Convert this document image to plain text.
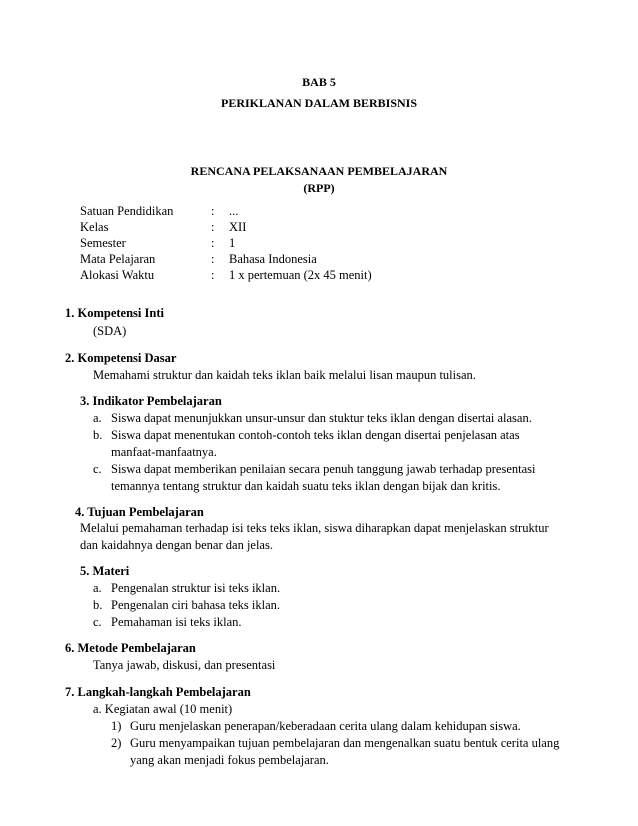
BAB 5
PERIKLANAN DALAM BERBISNIS
RENCANA PELAKSANAAN PEMBELAJARAN
(RPP)
Satuan Pendidikan	: ...
Kelas	: XII
Semester	: 1
Mata Pelajaran	: Bahasa Indonesia
Alokasi Waktu	: 1 x pertemuan (2x 45 menit)
1. Kompetensi Inti
(SDA)
2. Kompetensi Dasar
Memahami struktur dan kaidah teks iklan baik melalui lisan maupun tulisan.
3. Indikator Pembelajaran
a. Siswa dapat menunjukkan unsur-unsur dan stuktur teks iklan dengan disertai alasan.
b. Siswa dapat menentukan contoh-contoh teks iklan dengan disertai penjelasan atas
manfaat-manfaatnya.
c. Siswa dapat memberikan penilaian secara penuh tanggung jawab terhadap presentasi
temannya tentang struktur dan kaidah suatu teks iklan dengan bijak dan kritis.
4. Tujuan Pembelajaran
Melalui pemahaman terhadap isi teks teks iklan, siswa diharapkan dapat menjelaskan struktur
dan kaidahnya dengan benar dan jelas.
5. Materi
a. Pengenalan struktur isi teks iklan.
b. Pengenalan ciri bahasa teks iklan.
c. Pemahaman isi teks iklan.
6. Metode Pembelajaran
Tanya jawab, diskusi, dan presentasi
7. Langkah-langkah Pembelajaran
a. Kegiatan awal (10 menit)
1) Guru menjelaskan penerapan/keberadaan cerita ulang dalam kehidupan siswa.
2) Guru menyampaikan tujuan pembelajaran dan mengenalkan suatu bentuk cerita ulang
yang akan menjadi fokus pembelajaran.
